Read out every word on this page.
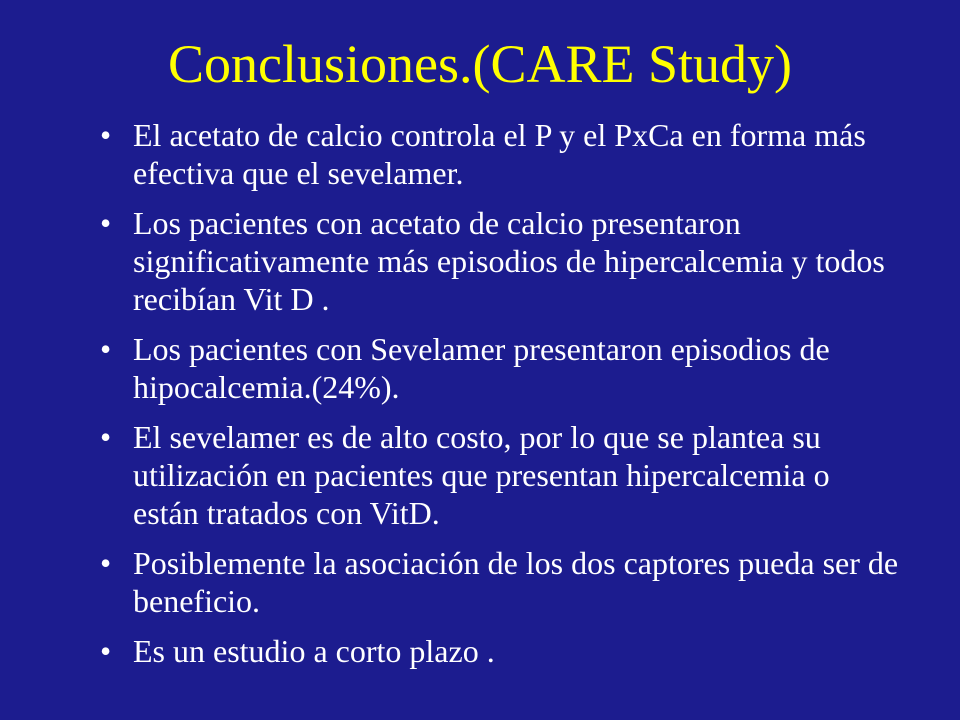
Conclusiones.(CARE Study)
• El acetato de calcio controla el P y el PxCa en forma más efectiva que el sevelamer.
• Los pacientes con acetato de calcio presentaron significativamente más episodios de hipercalcemia y todos recibían Vit D .
• Los pacientes con Sevelamer presentaron episodios de hipocalcemia.(24%).
• El sevelamer es de alto costo, por lo que se plantea su utilización en pacientes que presentan hipercalcemia o están tratados con VitD.
• Posiblemente la asociación de los dos captores pueda ser de beneficio.
• Es un estudio a corto plazo .
